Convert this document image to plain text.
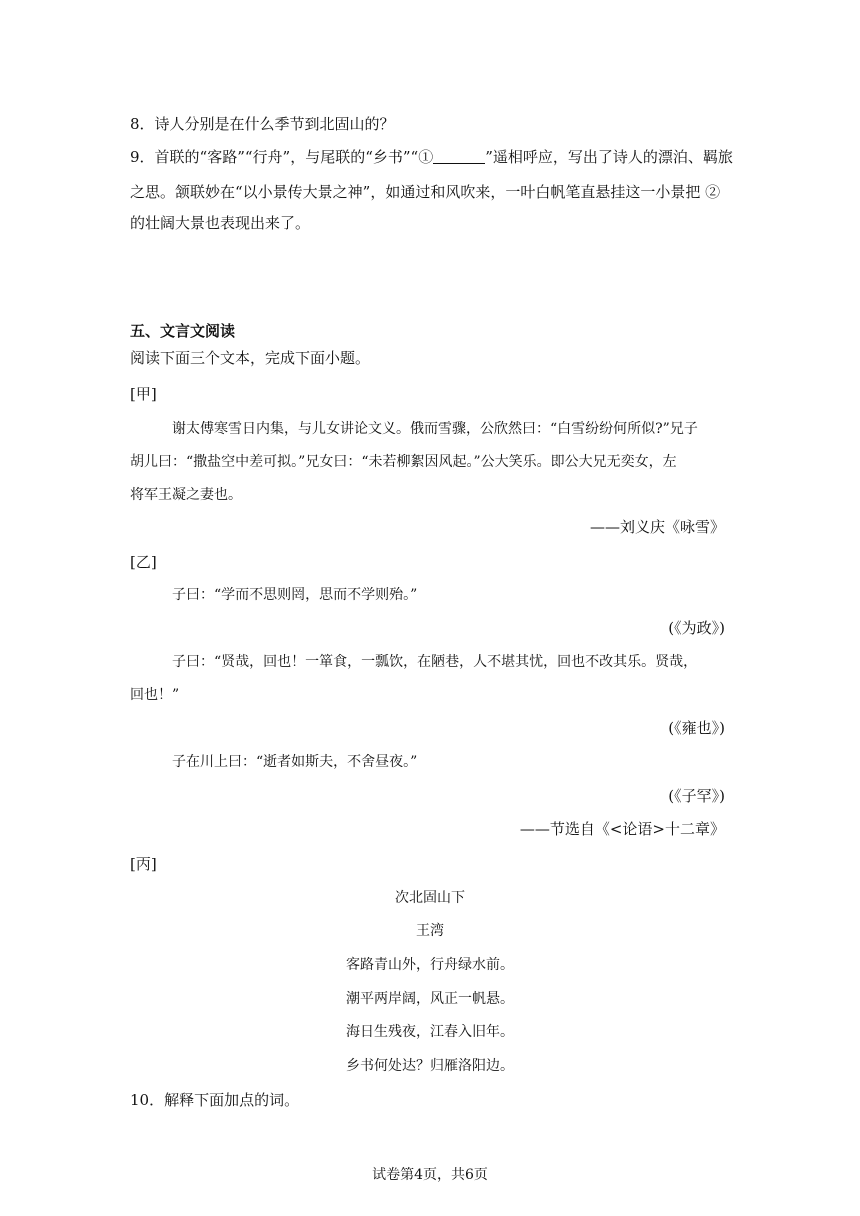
8．诗人分别是在什么季节到北固山的？
9．首联的“客路”“行舟”，与尾联的“乡书”“①	”遥相呼应，写出了诗人的漂泊、羁旅
之思。颔联妙在“以小景传大景之神”，如通过和风吹来，一叶白帆笔直悬挂这一小景把 ②
的壮阔大景也表现出来了。
五、文言文阅读
阅读下面三个文本，完成下面小题。
[甲]
谢太傅寒雪日内集，与儿女讲论文义。俄而雪骤，公欣然曰：“白雪纷纷何所似?”兄子
胡儿曰：“撒盐空中差可拟。”兄女曰：“未若柳絮因风起。”公大笑乐。即公大兄无奕女，左
将军王凝之妻也。
——刘义庆《咏雪》
[乙]
子曰：“学而不思则罔，思而不学则殆。”
(《为政》)
子曰：“贤哉，回也！一箪食，一瓢饮，在陋巷，人不堪其忧，回也不改其乐。贤哉，
回也！”
(《雍也》)
子在川上曰：“逝者如斯夫，不舍昼夜。”
(《子罕》)
——节选自《<论语>十二章》
[丙]
次北固山下
王湾
客路青山外，行舟绿水前。
潮平两岸阔，风正一帆悬。
海日生残夜，江春入旧年。
乡书何处达？归雁洛阳边。
10．解释下面加点的词。
试卷第4页，共6页
